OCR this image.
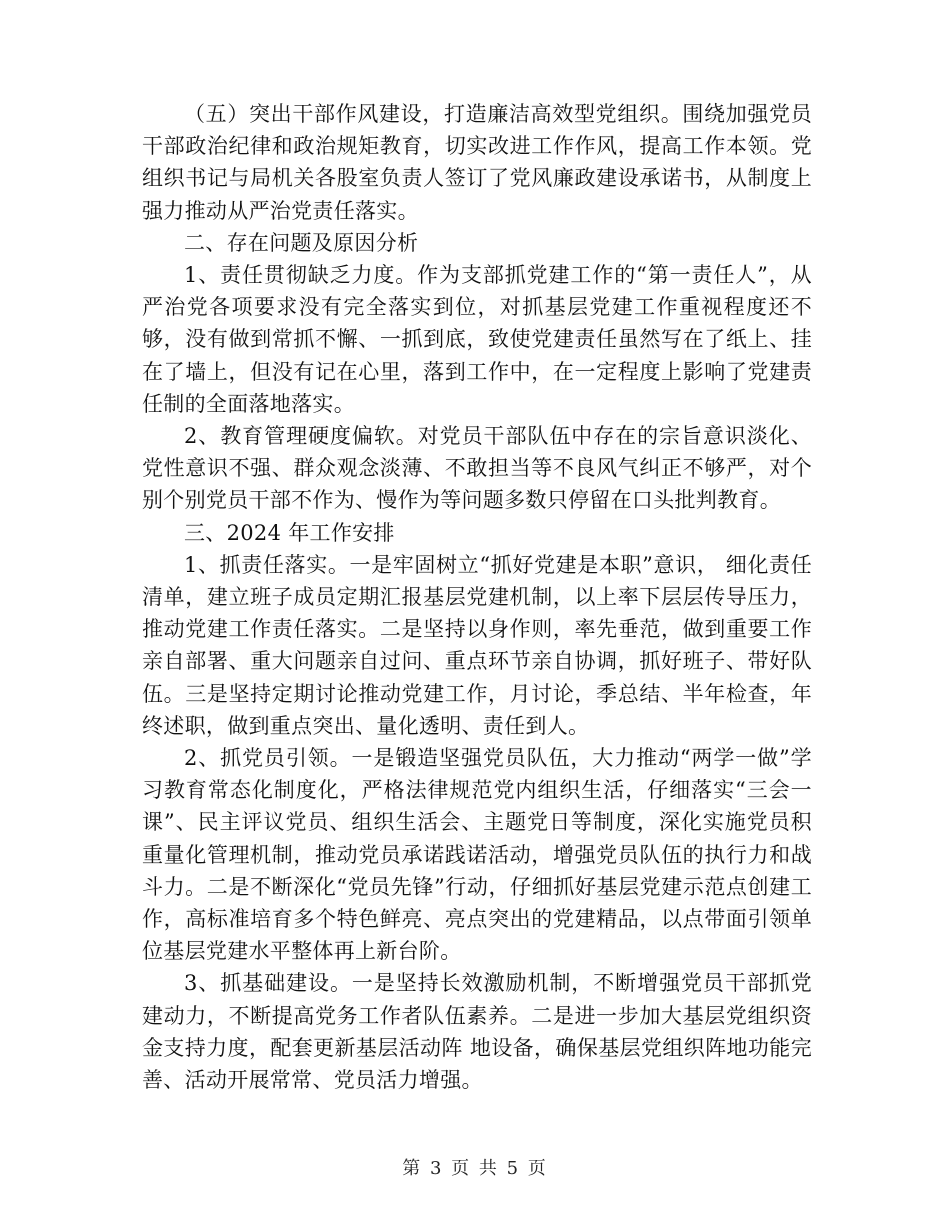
（五）突出干部作风建设，打造廉洁高效型党组织。围绕加强党员干部政治纪律和政治规矩教育，切实改进工作作风，提高工作本领。党组织书记与局机关各股室负责人签订了党风廉政建设承诺书，从制度上强力推动从严治党责任落实。

二、存在问题及原因分析

1、责任贯彻缺乏力度。作为支部抓党建工作的“第一责任人”，从严治党各项要求没有完全落实到位，对抓基层党建工作重视程度还不够，没有做到常抓不懈、一抓到底，致使党建责任虽然写在了纸上、挂在了墙上，但没有记在心里，落到工作中，在一定程度上影响了党建责任制的全面落地落实。

2、教育管理硬度偏软。对党员干部队伍中存在的宗旨意识淡化、党性意识不强、群众观念淡薄、不敢担当等不良风气纠正不够严，对个别个别党员干部不作为、慢作为等问题多数只停留在口头批判教育。

三、2024 年工作安排

1、抓责任落实。一是牢固树立“抓好党建是本职”意识， 细化责任清单，建立班子成员定期汇报基层党建机制，以上率下层层传导压力，推动党建工作责任落实。二是坚持以身作则，率先垂范，做到重要工作亲自部署、重大问题亲自过问、重点环节亲自协调，抓好班子、带好队伍。三是坚持定期讨论推动党建工作，月讨论，季总结、半年检查，年终述职，做到重点突出、量化透明、责任到人。

2、抓党员引领。一是锻造坚强党员队伍，大力推动“两学一做”学习教育常态化制度化，严格法律规范党内组织生活，仔细落实“三会一课”、民主评议党员、组织生活会、主题党日等制度，深化实施党员积重量化管理机制，推动党员承诺践诺活动，增强党员队伍的执行力和战斗力。二是不断深化“党员先锋”行动，仔细抓好基层党建示范点创建工作，高标准培育多个特色鲜亮、亮点突出的党建精品，以点带面引领单位基层党建水平整体再上新台阶。

3、抓基础建设。一是坚持长效激励机制，不断增强党员干部抓党建动力，不断提高党务工作者队伍素养。二是进一步加大基层党组织资金支持力度，配套更新基层活动阵 地设备，确保基层党组织阵地功能完善、活动开展常常、党员活力增强。

第 3 页 共 5 页
